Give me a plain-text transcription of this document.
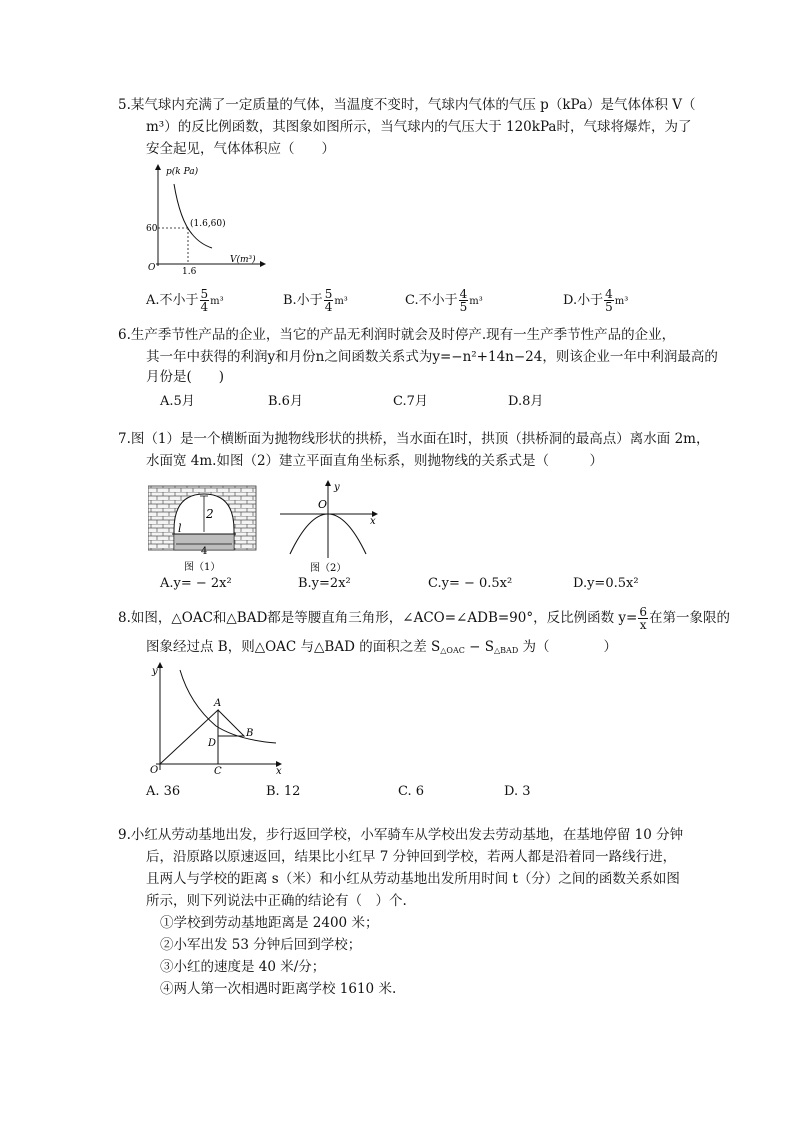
5.某气球内充满了一定质量的气体，当温度不变时，气球内气体的气压 p（kPa）是气体体积 V（
m³）的反比例函数，其图象如图所示，当气球内的气压大于 120kPa时，气球将爆炸，为了
安全起见，气体体积应（　　）
p(k Pa)
60
O	1.6
(1.6,60)
V(m³)
A.不小于 $\frac{5}{4} m^3$	B.小于 $\frac{5}{4} m^3$	C.不小于 $\frac{4}{5} m^3$	D.小于 $\frac{4}{5} m^3$
6.生产季节性产品的企业，当它的产品无利润时就会及时停产.现有一生产季节性产品的企业，
其一年中获得的利润y和月份n之间函数关系式为y=−n²+14n−24，则该企业一年中利润最高的
月份是(　　)
A.5月	B.6月	C.7月	D.8月
7.图（1）是一个横断面为抛物线形状的拱桥，当水面在l时，拱顶（拱桥洞的最高点）离水面 2m，
水面宽 4m.如图（2）建立平面直角坐标系，则抛物线的关系式是（　　　）
2
4
l
图（1）
y
O
x
图（2）
A.y= − 2x²	B.y=2x²	C.y= − 0.5x²	D.y=0.5x²
8.如图，△OAC和△BAD都是等腰直角三角形，∠ACO=∠ADB=90°，反比例函数 $y= \frac{6}{x}$ 在第一象限的
图象经过点 B，则△OAC 与△BAD 的面积之差 $S_{\triangle OAC} - S_{\triangle BAD}$ 为（　　　　）
y
O	x
A
B
D
C
A. 36	B. 12	C. 6	D. 3
9.小红从劳动基地出发，步行返回学校，小军骑车从学校出发去劳动基地，在基地停留 10 分钟
后，沿原路以原速返回，结果比小红早 7 分钟回到学校，若两人都是沿着同一路线行进，
且两人与学校的距离 s（米）和小红从劳动基地出发所用时间 t（分）之间的函数关系如图
所示，则下列说法中正确的结论有（　）个.
①学校到劳动基地距离是 2400 米；
②小军出发 53 分钟后回到学校；
③小红的速度是 40 米/分；
④两人第一次相遇时距离学校 1610 米.
